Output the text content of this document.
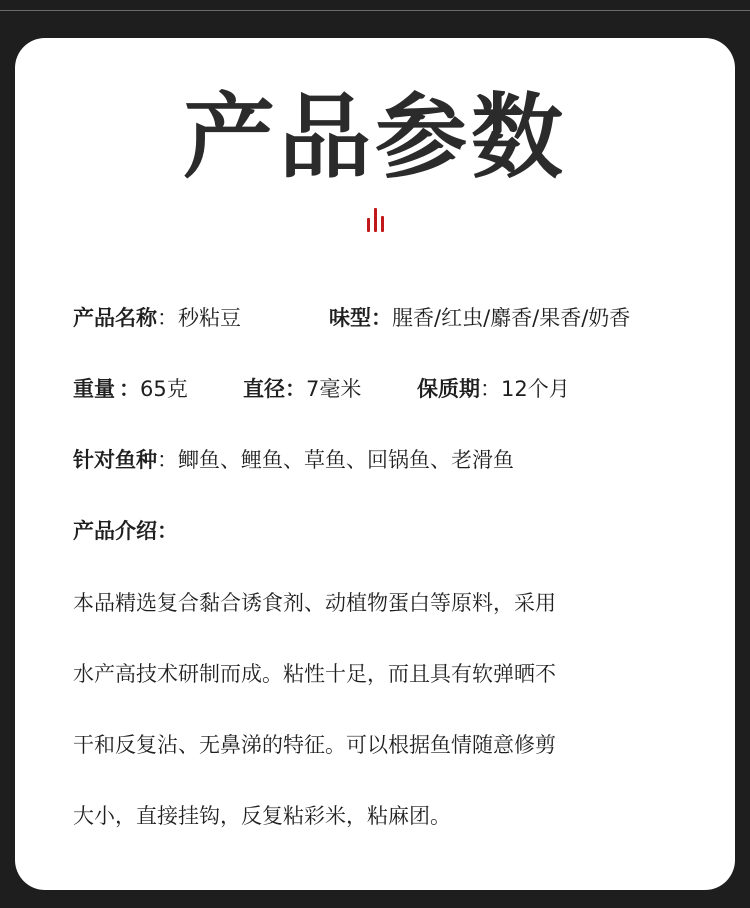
产品参数
产品名称：秒粘豆	味型：腥香/红虫/麝香/果香/奶香
重量 ：65克	直径：7毫米	保质期：12个月
针对鱼种：鲫鱼、鲤鱼、草鱼、回锅鱼、老滑鱼
产品介绍：
本品精选复合黏合诱食剂、动植物蛋白等原料，采用
水产高技术研制而成。粘性十足，而且具有软弹晒不
干和反复沾、无鼻涕的特征。可以根据鱼情随意修剪
大小，直接挂钩，反复粘彩米，粘麻团。
